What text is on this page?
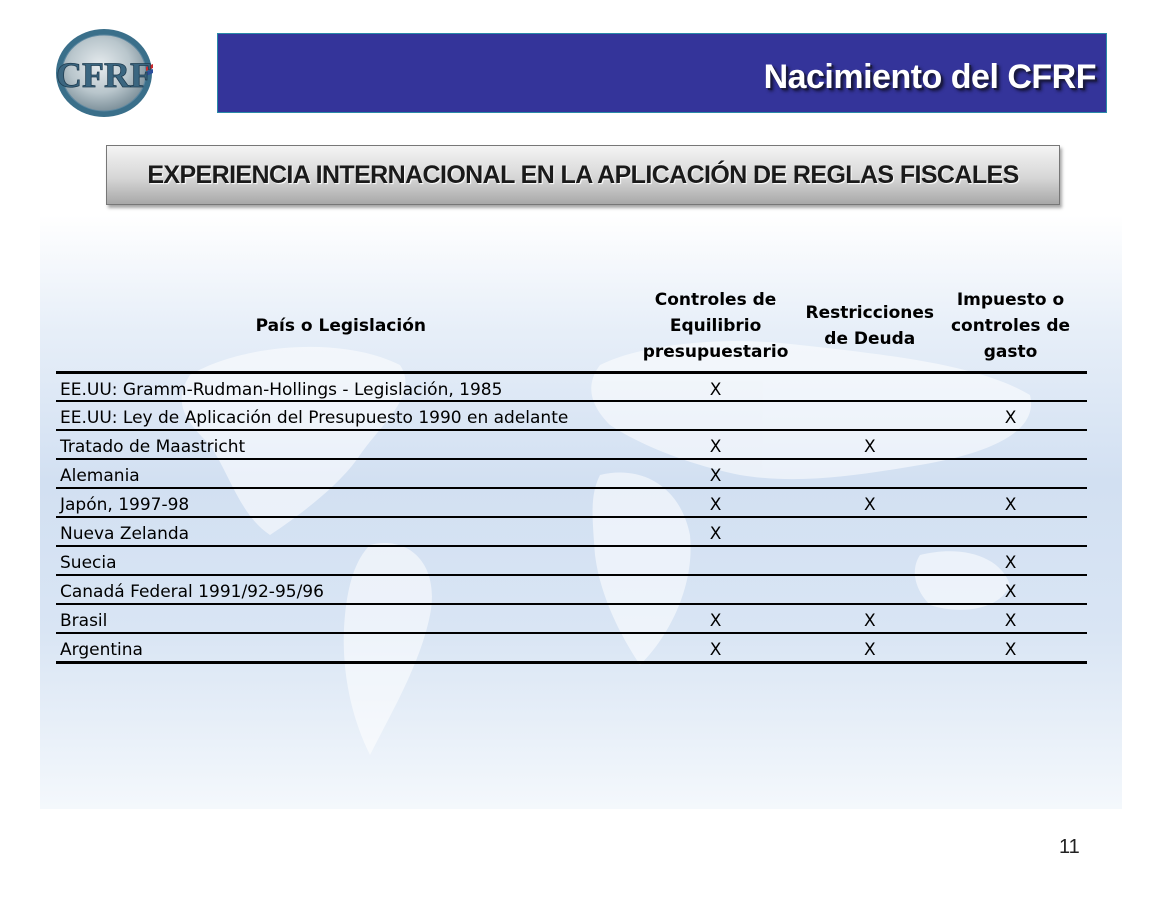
CFRF	Nacimiento del CFRF
EXPERIENCIA INTERNACIONAL EN LA APLICACIÓN DE REGLAS FISCALES
País o Legislación	Controles de Equilibrio presupuestario	Restricciones de Deuda	Impuesto o controles de gasto
EE.UU: Gramm-Rudman-Hollings - Legislación, 1985	X		
EE.UU: Ley de Aplicación del Presupuesto 1990 en adelante			X
Tratado de Maastricht	X	X	
Alemania	X		
Japón, 1997-98	X	X	X
Nueva Zelanda	X		
Suecia			X
Canadá Federal 1991/92-95/96			X
Brasil	X	X	X
Argentina	X	X	X
11
